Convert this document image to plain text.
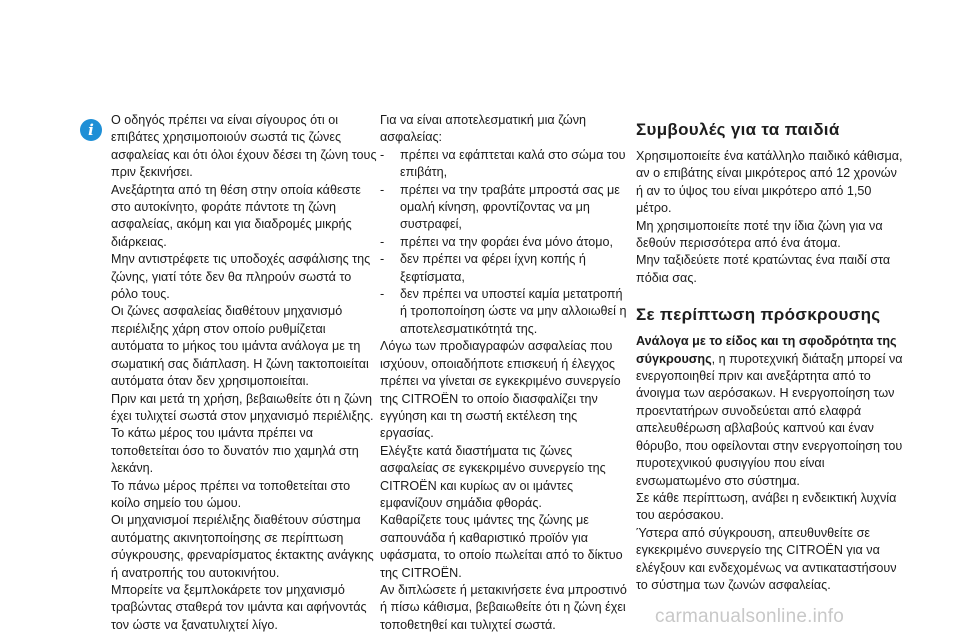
i

Ο οδηγός πρέπει να είναι σίγουρος ότι οι επιβάτες χρησιμοποιούν σωστά τις ζώνες ασφαλείας και ότι όλοι έχουν δέσει τη ζώνη τους πριν ξεκινήσει.

Ανεξάρτητα από τη θέση στην οποία κάθεστε στο αυτοκίνητο, φοράτε πάντοτε τη ζώνη ασφαλείας, ακόμη και για διαδρομές μικρής διάρκειας.

Μην αντιστρέφετε τις υποδοχές ασφάλισης της ζώνης, γιατί τότε δεν θα πληρούν σωστά το ρόλο τους.

Οι ζώνες ασφαλείας διαθέτουν μηχανισμό περιέλιξης χάρη στον οποίο ρυθμίζεται αυτόματα το μήκος του ιμάντα ανάλογα με τη σωματική σας διάπλαση. Η ζώνη τακτοποιείται αυτόματα όταν δεν χρησιμοποιείται.

Πριν και μετά τη χρήση, βεβαιωθείτε ότι η ζώνη έχει τυλιχτεί σωστά στον μηχανισμό περιέλιξης.

Το κάτω μέρος του ιμάντα πρέπει να τοποθετείται όσο το δυνατόν πιο χαμηλά στη λεκάνη.

Το πάνω μέρος πρέπει να τοποθετείται στο κοίλο σημείο του ώμου.

Οι μηχανισμοί περιέλιξης διαθέτουν σύστημα αυτόματης ακινητοποίησης σε περίπτωση σύγκρουσης, φρεναρίσματος έκτακτης ανάγκης ή ανατροπής του αυτοκινήτου.

Μπορείτε να ξεμπλοκάρετε τον μηχανισμό τραβώντας σταθερά τον ιμάντα και αφήνοντάς τον ώστε να ξανατυλιχτεί λίγο.

Για να είναι αποτελεσματική μια ζώνη ασφαλείας:

-	πρέπει να εφάπτεται καλά στο σώμα του επιβάτη,
-	πρέπει να την τραβάτε μπροστά σας με ομαλή κίνηση, φροντίζοντας να μη συστραφεί,
-	πρέπει να την φοράει ένα μόνο άτομο,
-	δεν πρέπει να φέρει ίχνη κοπής ή ξεφτίσματα,
-	δεν πρέπει να υποστεί καμία μετατροπή ή τροποποίηση ώστε να μην αλλοιωθεί η αποτελεσματικότητά της.

Λόγω των προδιαγραφών ασφαλείας που ισχύουν, οποιαδήποτε επισκευή ή έλεγχος πρέπει να γίνεται σε εγκεκριμένο συνεργείο της CITROËN το οποίο διασφαλίζει την εγγύηση και τη σωστή εκτέλεση της εργασίας.

Ελέγξτε κατά διαστήματα τις ζώνες ασφαλείας σε εγκεκριμένο συνεργείο της CITROËN και κυρίως αν οι ιμάντες εμφανίζουν σημάδια φθοράς.

Καθαρίζετε τους ιμάντες της ζώνης με σαπουνάδα ή καθαριστικό προϊόν για υφάσματα, το οποίο πωλείται από το δίκτυο της CITROËN.

Αν διπλώσετε ή μετακινήσετε ένα μπροστινό ή πίσω κάθισμα, βεβαιωθείτε ότι η ζώνη έχει τοποθετηθεί και τυλιχτεί σωστά.

Συμβουλές για τα παιδιά

Χρησιμοποιείτε ένα κατάλληλο παιδικό κάθισμα, αν ο επιβάτης είναι μικρότερος από 12 χρονών ή αν το ύψος του είναι μικρότερο από 1,50 μέτρο.

Μη χρησιμοποιείτε ποτέ την ίδια ζώνη για να δεθούν περισσότερα από ένα άτομα.

Μην ταξιδεύετε ποτέ κρατώντας ένα παιδί στα πόδια σας.

Σε περίπτωση πρόσκρουσης

Ανάλογα με το είδος και τη σφοδρότητα της σύγκρουσης, η πυροτεχνική διάταξη μπορεί να ενεργοποιηθεί πριν και ανεξάρτητα από το άνοιγμα των αερόσακων. Η ενεργοποίηση των προεντατήρων συνοδεύεται από ελαφρά απελευθέρωση αβλαβούς καπνού και έναν θόρυβο, που οφείλονται στην ενεργοποίηση του πυροτεχνικού φυσιγγίου που είναι ενσωματωμένο στο σύστημα.

Σε κάθε περίπτωση, ανάβει η ενδεικτική λυχνία του αερόσακου.

Ύστερα από σύγκρουση, απευθυνθείτε σε εγκεκριμένο συνεργείο της CITROËN για να ελέγξουν και ενδεχομένως να αντικαταστήσουν το σύστημα των ζωνών ασφαλείας.

carmanualsonline.info
